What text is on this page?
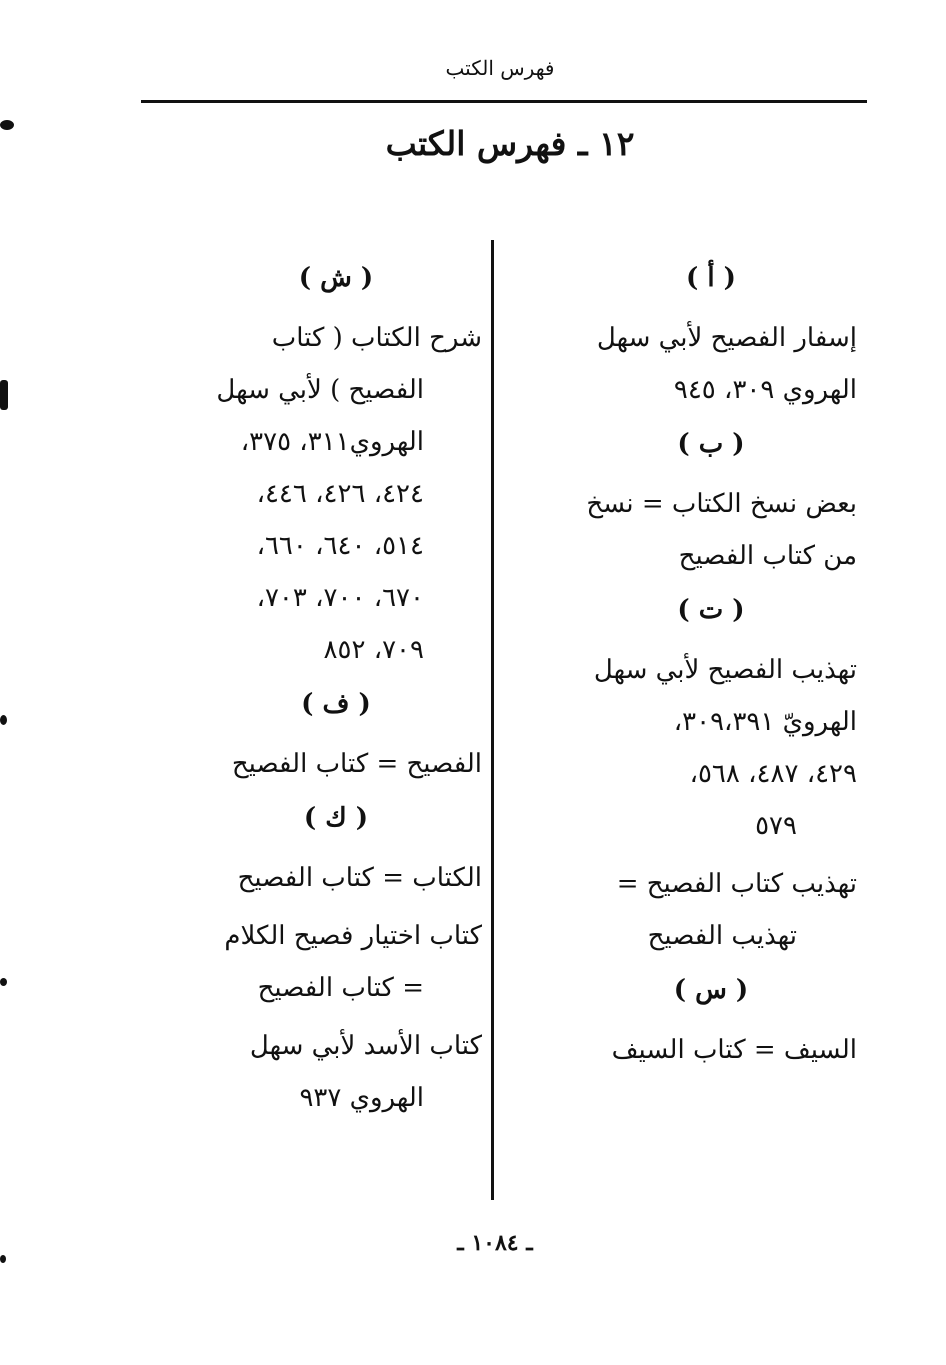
فهرس الكتب
١٢ ـ فهرس الكتب
( أ )
إسفار الفصيح لأبي سهل
الهروي ٣٠٩، ٩٤٥
( ب )
بعض نسخ الكتاب = نسخ
من كتاب الفصيح
( ت )
تهذيب الفصيح لأبي سهل
الهرويّ ٣٠٩،٣٩١،
٤٢٩، ٤٨٧، ٥٦٨،
٥٧٩
تهذيب كتاب الفصيح =
تهذيب الفصيح
( س )
السيف = كتاب السيف
( ش )
شرح الكتاب ( كتاب
الفصيح ) لأبي سهل
الهروي٣١١، ٣٧٥،
٤٢٤، ٤٢٦، ٤٤٦،
٥١٤، ٦٤٠، ٦٦٠،
٦٧٠، ٧٠٠، ٧٠٣،
٧٠٩، ٨٥٢
( ف )
الفصيح = كتاب الفصيح
( ك )
الكتاب = كتاب الفصيح
كتاب اختيار فصيح الكلام
= كتاب الفصيح
كتاب الأسد لأبي سهل
الهروي ٩٣٧
ـ ١٠٨٤ ـ
